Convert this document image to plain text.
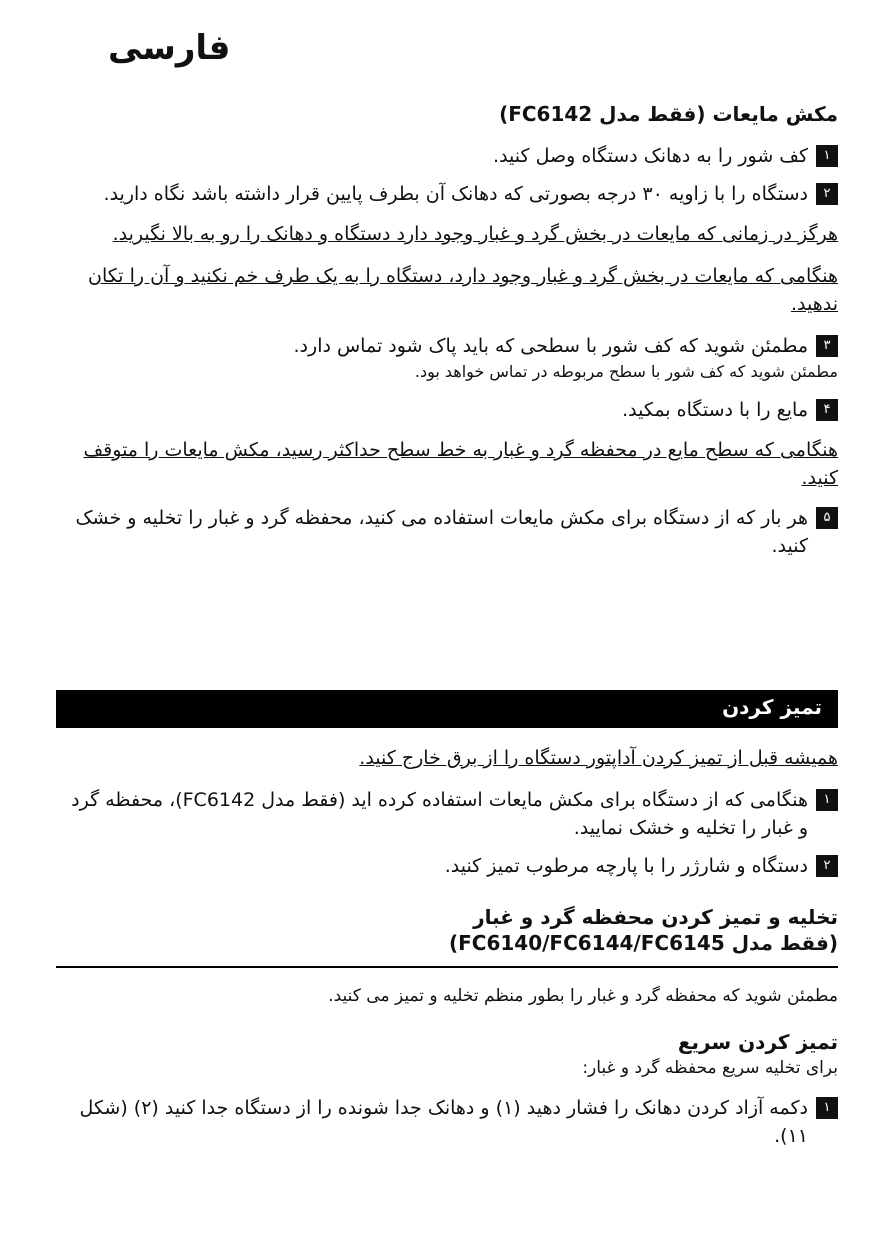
فارسی
مکش مایعات (فقط مدل FC6142)
۱
کف شور را به دهانک دستگاه وصل کنید.
۲
دستگاه را با زاویه ۳۰ درجه بصورتی که دهانک آن بطرف پایین قرار داشته باشد نگاه دارید.
هرگز در زمانی که مایعات در بخش گرد و غبار وجود دارد دستگاه و دهانک را رو به بالا نگیرید.
هنگامی که مایعات در بخش گرد و غبار وجود دارد، دستگاه را به یک طرف خم نکنید و آن را تکان ندهید.
۳
مطمئن شوید که کف شور با سطحی که باید پاک شود تماس دارد.
مطمئن شوید که کف شور با سطح مربوطه در تماس خواهد بود.
۴
مایع را با دستگاه بمکید.
هنگامی که سطح مایع در محفظه گرد و غبار به خط سطح حداکثر رسید، مکش مایعات را متوقف کنید.
۵
هر بار که از دستگاه برای مکش مایعات استفاده می کنید، محفظه گرد و غبار را تخلیه و خشک کنید.
تمیز کردن
همیشه قبل از تمیز کردن آداپتور دستگاه را از برق خارج کنید.
۱
هنگامی که از دستگاه برای مکش مایعات استفاده کرده اید (فقط مدل FC6142)، محفظه گرد و غبار را تخلیه و خشک نمایید.
۲
دستگاه و شارژر را با پارچه مرطوب تمیز کنید.
تخلیه و تمیز کردن محفظه گرد و غبار
(فقط مدل FC6140/FC6144/FC6145)
مطمئن شوید که محفظه گرد و غبار را بطور منظم تخلیه و تمیز می کنید.
تمیز کردن سریع
برای تخلیه سریع محفظه گرد و غبار:
۱
دکمه آزاد کردن دهانک را فشار دهید (۱) و دهانک جدا شونده را از دستگاه جدا کنید (۲) (شکل ۱۱).
